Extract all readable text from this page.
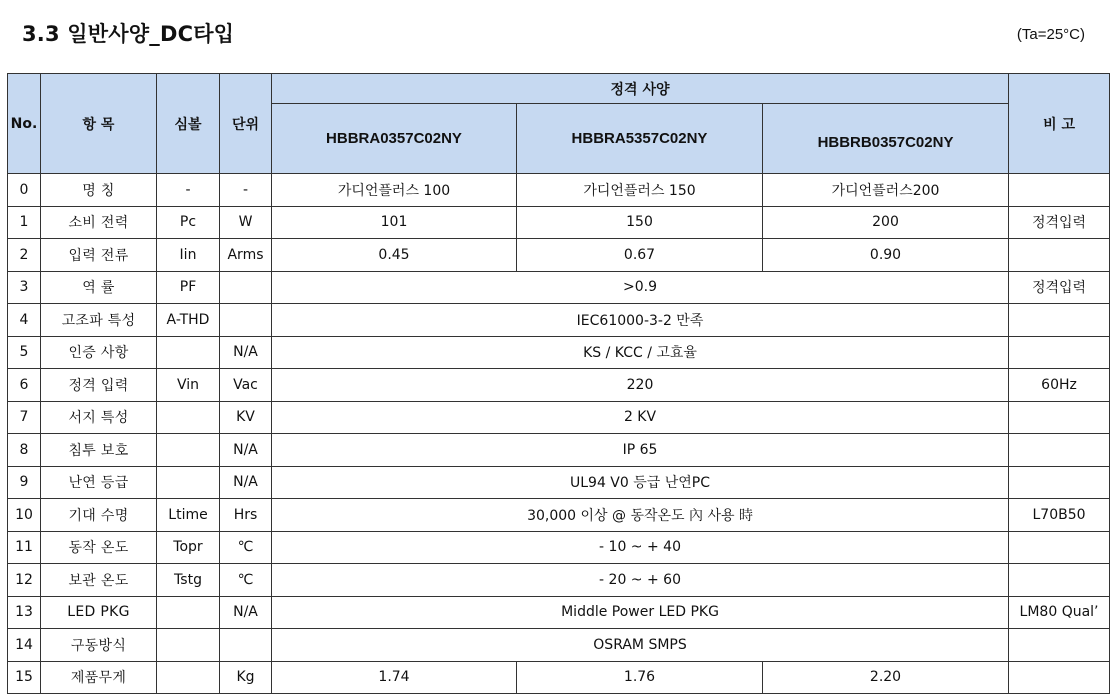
3.3 일반사양_DC타입	(Ta=25°C)
No.	항 목	심볼	단위	정격 사양			비 고
				HBBRA0357C02NY	HBBRA5357C02NY	HBBRB0357C02NY	
0	명 칭	-	-	가디언플러스 100	가디언플러스 150	가디언플러스200	
1	소비 전력	Pc	W	101	150	200	정격입력
2	입력 전류	Iin	Arms	0.45	0.67	0.90	
3	역 률	PF		>0.9			정격입력
4	고조파 특성	A-THD		IEC61000-3-2 만족			
5	인증 사항		N/A	KS / KCC / 고효율			
6	정격 입력	Vin	Vac	220			60Hz
7	서지 특성		KV	2 KV			
8	침투 보호		N/A	IP 65			
9	난연 등급		N/A	UL94 V0 등급 난연PC			
10	기대 수명	Ltime	Hrs	30,000 이상 @ 동작온도 內 사용 時			L70B50
11	동작 온도	Topr	℃	- 10 ~ + 40			
12	보관 온도	Tstg	℃	- 20 ~ + 60			
13	LED PKG		N/A	Middle Power LED PKG			LM80 Qual’
14	구동방식			OSRAM SMPS			
15	제품무게		Kg	1.74	1.76	2.20	
